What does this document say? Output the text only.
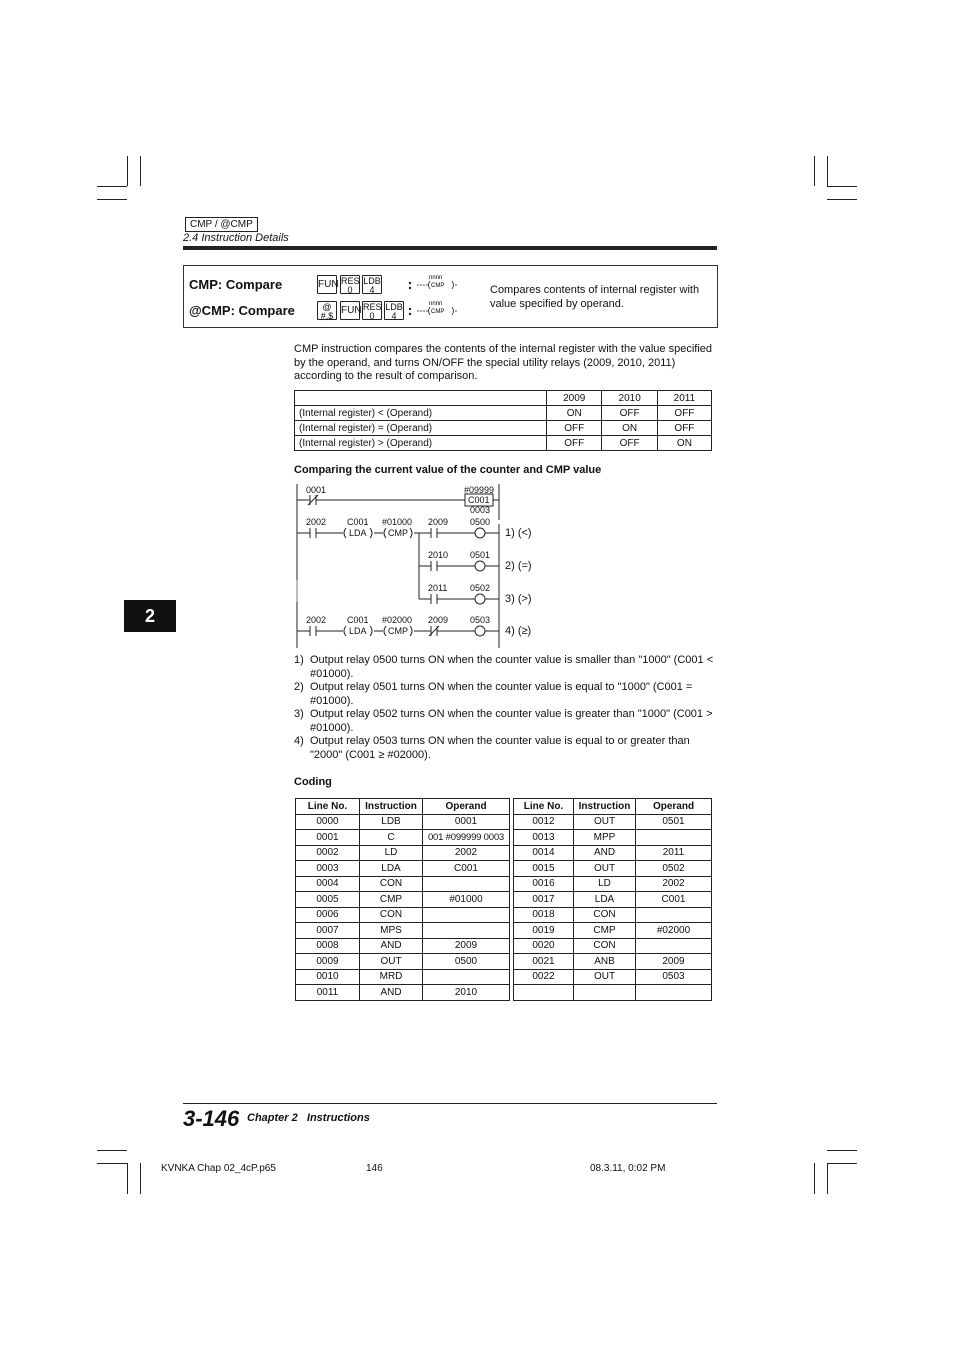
CMP / @CMP
2.4 Instruction Details
CMP: Compare
@CMP: Compare
Compares contents of internal register with value specified by operand.
FUN RES 0
LDB 4
@ #,$ FUN RES 0
LDB 4
nnnn
CMP
nnnn
CMP
CMP instruction compares the contents of the internal register with the value specified by the operand, and turns ON/OFF the special utility relays (2009, 2010, 2011) according to the result of comparison.
	2009	2010	2011
(Internal register) < (Operand)	ON	OFF	OFF
(Internal register) = (Operand)	OFF	ON	OFF
(Internal register) > (Operand)	OFF	OFF	ON
Comparing the current value of the counter and CMP value
0001	#09999
C001
0003
2002 C001
LDA
#01000
CMP
2009 0500
1) (<)
2010 0501
2) (=)
2011	0502
3) (>)
2002 C001
LDA
#02000
CMP
2009 0503
4) (≥)
1) Output relay 0500 turns ON when the counter value is smaller than "1000" (C001 < #01000).
2) Output relay 0501 turns ON when the counter value is equal to "1000" (C001 = #01000).
3) Output relay 0502 turns ON when the counter value is greater than "1000" (C001 > #01000).
4) Output relay 0503 turns ON when the counter value is equal to or greater than "2000" (C001 ≥ #02000).
Coding
Line No.	Instruction	Operand		Line No.	Instruction	Operand
0000	LDB	0001		0012	OUT	0501
0001	C	001 #099999 0003		0013	MPP	
0002	LD	2002		0014	AND	2011
0003	LDA	C001		0015	OUT	0502
0004	CON			0016	LD	2002
0005	CMP	#01000		0017	LDA	C001
0006	CON			0018	CON	
0007	MPS			0019	CMP	#02000
0008	AND	2009		0020	CON	
0009	OUT	0500		0021	ANB	2009
0010	MRD			0022	OUT	0503
0011	AND	2010				
2
3-146 Chapter 2   Instructions
KVNKA Chap 02_4cP.p65	146	08.3.11, 0:02 PM
